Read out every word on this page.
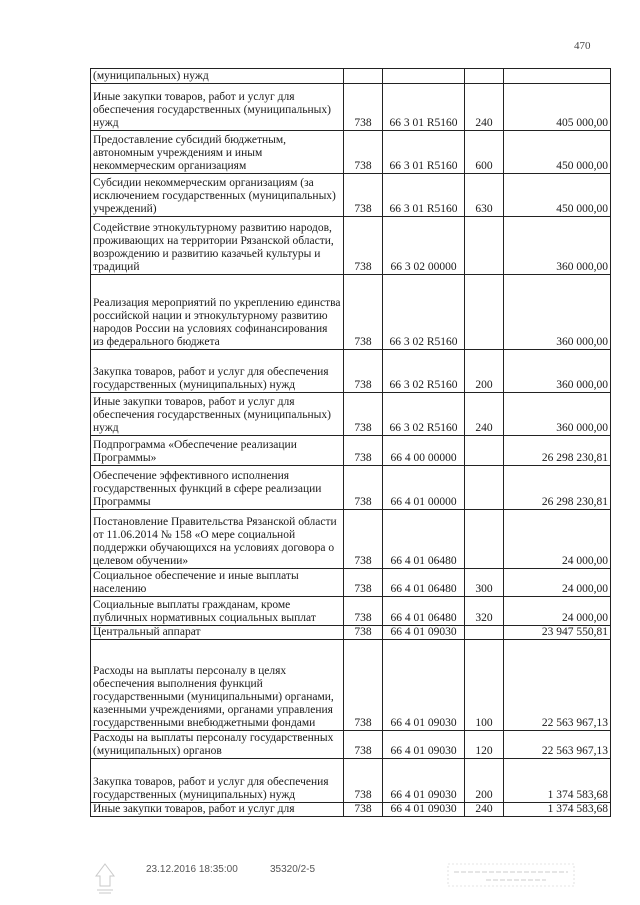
470
(муниципальных) нужд				
Иные закупки товаров, работ и услуг для обеспечения государственных (муниципальных) нужд	738	66 3 01 R5160	240	405 000,00
Предоставление субсидий бюджетным, автономным учреждениям и иным некоммерческим организациям	738	66 3 01 R5160	600	450 000,00
Субсидии некоммерческим организациям (за исключением государственных (муниципальных) учреждений)	738	66 3 01 R5160	630	450 000,00
Содействие этнокультурному развитию народов, проживающих на территории Рязанской области, возрождению и развитию казачьей культуры и традиций	738	66 3 02 00000		360 000,00
Реализация мероприятий по укреплению единства российской нации и этнокультурному развитию народов России на условиях софинансирования из федерального бюджета	738	66 3 02 R5160		360 000,00
Закупка товаров, работ и услуг для обеспечения государственных (муниципальных) нужд	738	66 3 02 R5160	200	360 000,00
Иные закупки товаров, работ и услуг для обеспечения государственных (муниципальных) нужд	738	66 3 02 R5160	240	360 000,00
Подпрограмма «Обеспечение реализации Программы»	738	66 4 00 00000		26 298 230,81
Обеспечение эффективного исполнения государственных функций в сфере реализации Программы	738	66 4 01 00000		26 298 230,81
Постановление Правительства Рязанской области от 11.06.2014 № 158 «О мере социальной поддержки обучающихся на условиях договора о целевом обучении»	738	66 4 01 06480		24 000,00
Социальное обеспечение и иные выплаты населению	738	66 4 01 06480	300	24 000,00
Социальные выплаты гражданам, кроме публичных нормативных социальных выплат	738	66 4 01 06480	320	24 000,00
Центральный аппарат	738	66 4 01 09030		23 947 550,81
Расходы на выплаты персоналу в целях обеспечения выполнения функций государственными (муниципальными) органами, казенными учреждениями, органами управления государственными внебюджетными фондами	738	66 4 01 09030	100	22 563 967,13
Расходы на выплаты персоналу государственных (муниципальных) органов	738	66 4 01 09030	120	22 563 967,13
Закупка товаров, работ и услуг для обеспечения государственных (муниципальных) нужд	738	66 4 01 09030	200	1 374 583,68
Иные закупки товаров, работ и услуг для	738	66 4 01 09030	240	1 374 583,68
23.12.2016 18:35:00	35320/2-5
